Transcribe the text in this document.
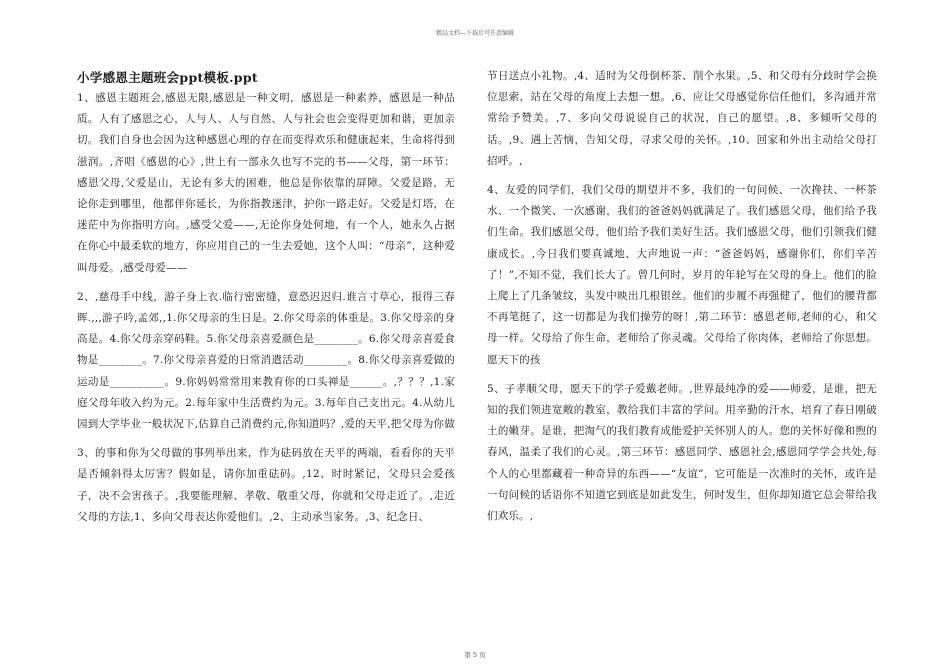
精品文档---下载后可任意编辑
小学感恩主题班会ppt模板.ppt

1、感恩主题班会,感恩无限,感恩是一种文明，感恩是一种素养，感恩是一种品质。人有了感恩之心，人与人、人与自然、人与社会也会变得更加和谐，更加亲切。我们自身也会因为这种感恩心理的存在而变得欢乐和健康起来，生命将得到滋润。,齐唱《感恩的心》,世上有一部永久也写不完的书——父母，第一环节：感恩父母,父爱是山，无论有多大的困难，他总是你依靠的屏障。父爱是路，无论你走到哪里，他都伴你延长，为你指教迷津，护你一路走好。父爱是灯塔，在迷茫中为你指明方向。,感受父爱——,无论你身处何地，有一个人，她永久占据在你心中最柔软的地方，你应用自己的一生去爱她，这个人叫：“母亲”，这种爱叫母爱。,感受母爱——

2、,慈母手中线，游子身上衣.临行密密缝，意恐迟迟归.谁言寸草心，报得三春晖.,,,游子吟,孟郊,,1.你父母亲的生日是。2.你父母亲的体重是。3.你父母亲的身高是。4.你父母亲穿码鞋。5.你父母亲喜爱颜色是________。6.你父母亲喜爱食物是________。7.你父母亲喜爱的日常消遣活动________。8.你父母亲喜爱做的运动是__________。9.你妈妈常常用来教育你的口头禅是______。,？？？,1.家庭父母年收入约为元。2.每年家中生活费约为元。3.每年自己支出元。4.从幼儿园到大学毕业一般状况下,估算自己消费约元,你知道吗？,爱的天平,把父母为你做

3、的事和你为父母做的事列举出来，作为砝码放在天平的两端，看看你的天平是否倾斜得太厉害？假如是，请你加重砝码。,12、时时紧记，父母只会爱孩子，决不会害孩子。,我要能理解、孝敬、敬重父母，你就和父母走近了。,走近父母的方法,1、多向父母表达你爱他们。,2、主动承当家务。,3、纪念日、

节日送点小礼物。,4、适时为父母倒杯茶、削个水果。,5、和父母有分歧时学会换位思索，站在父母的角度上去想一想。,6、应让父母感觉你信任他们，多沟通并常常给予赞美。,7、多向父母说说自己的状况，自己的愿望。,8、多倾听父母的话。,9、遇上苦恼，告知父母，寻求父母的关怀。,10、回家和外出主动给父母打招呼。,

4、友爱的同学们，我们父母的期望并不多，我们的一句问候、一次搀扶、一杯茶水、一个微笑、一次感谢，我们的爸爸妈妈就满足了。我们感恩父母，他们给予我们生命。我们感恩父母，他们给予我们美好生活。我们感恩父母，他们引领我们健康成长。,今日我们要真诚地、大声地说一声：“爸爸妈妈，感谢你们，你们辛苦了！”,不知不觉，我们长大了。曾几何时，岁月的年轮写在父母的身上。他们的脸上爬上了几条皱纹，头发中映出几根银丝。他们的步履不再强健了，他们的腰背都不再笔挺了，这一切都是为我们操劳的呀！,第二环节：感恩老师,老师的心，和父母一样。父母给了你生命，老师给了你灵魂。父母给了你肉体，老师给了你思想。愿天下的孩

5、子孝顺父母，愿天下的学子爱戴老师。,世界最纯净的爱——师爱，是谁，把无知的我们领进宽敞的教室，教给我们丰富的学问。用辛勤的汗水，培育了春日刚破土的嫩芽。是谁，把淘气的我们教育成能爱护关怀别人的人。您的关怀好像和煦的春风，温柔了我们的心灵。,第三环节：感恩同学、感恩社会,感恩同学学会共处,每个人的心里都藏着一种奇异的东西——“友谊”，它可能是一次准时的关怀，或许是一句问候的话语你不知道它到底是如此发生，何时发生，但你却知道它总会带给我们欢乐。,

第 5 页
